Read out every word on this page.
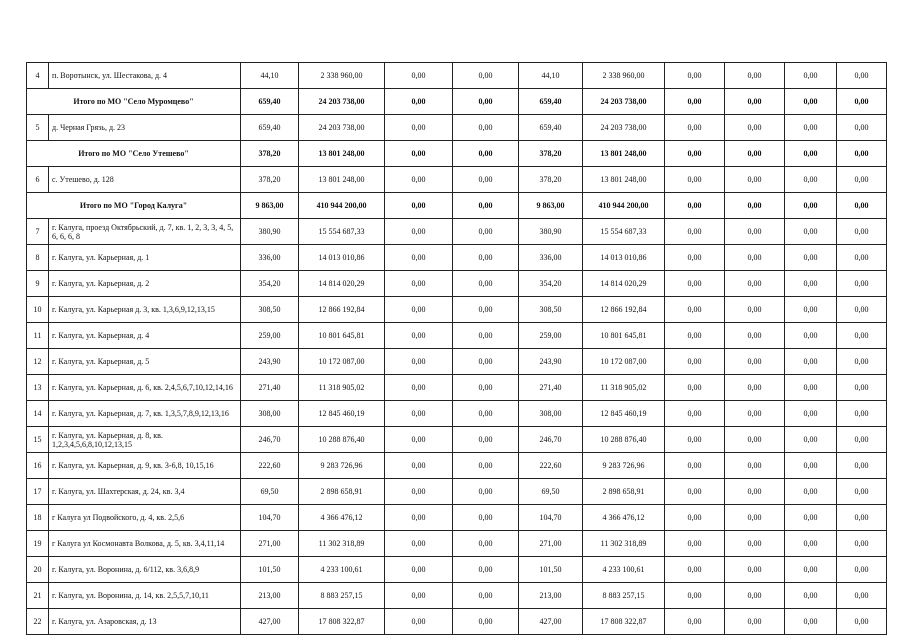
4	п. Воротынск, ул. Шестакова, д. 4	44,10	2 338 960,00	0,00	0,00	44,10	2 338 960,00	0,00	0,00	0,00	0,00
Итого по МО "Село Муромцево"		659,40	24 203 738,00	0,00	0,00	659,40	24 203 738,00	0,00	0,00	0,00	0,00
5	д. Черная Грязь, д. 23	659,40	24 203 738,00	0,00	0,00	659,40	24 203 738,00	0,00	0,00	0,00	0,00
Итого по МО "Село Утешево"		378,20	13 801 248,00	0,00	0,00	378,20	13 801 248,00	0,00	0,00	0,00	0,00
6	с. Утешево, д. 128	378,20	13 801 248,00	0,00	0,00	378,20	13 801 248,00	0,00	0,00	0,00	0,00
Итого по МО "Город Калуга"		9 863,00	410 944 200,00	0,00	0,00	9 863,00	410 944 200,00	0,00	0,00	0,00	0,00
7	г. Калуга, проезд Октябрьский, д. 7, кв. 1, 2, 3, 3, 4, 5, 6, 6, 6, 8	380,90	15 554 687,33	0,00	0,00	380,90	15 554 687,33	0,00	0,00	0,00	0,00
8	г. Калуга, ул. Карьерная, д. 1	336,00	14 013 010,86	0,00	0,00	336,00	14 013 010,86	0,00	0,00	0,00	0,00
9	г. Калуга, ул. Карьерная, д. 2	354,20	14 814 020,29	0,00	0,00	354,20	14 814 020,29	0,00	0,00	0,00	0,00
10	г. Калуга, ул. Карьерная д. 3, кв. 1,3,6,9,12,13,15	308,50	12 866 192,84	0,00	0,00	308,50	12 866 192,84	0,00	0,00	0,00	0,00
11	г. Калуга, ул. Карьерная, д. 4	259,00	10 801 645,81	0,00	0,00	259,00	10 801 645,81	0,00	0,00	0,00	0,00
12	г. Калуга, ул. Карьерная, д. 5	243,90	10 172 087,00	0,00	0,00	243,90	10 172 087,00	0,00	0,00	0,00	0,00
13	г. Калуга, ул. Карьерная, д. 6, кв. 2,4,5,6,7,10,12,14,16	271,40	11 318 905,02	0,00	0,00	271,40	11 318 905,02	0,00	0,00	0,00	0,00
14	г. Калуга, ул. Карьерная, д. 7, кв. 1,3,5,7,8,9,12,13,16	308,00	12 845 460,19	0,00	0,00	308,00	12 845 460,19	0,00	0,00	0,00	0,00
15	г. Калуга, ул. Карьерная, д. 8, кв. 1,2,3,4,5,6,8,10,12,13,15	246,70	10 288 876,40	0,00	0,00	246,70	10 288 876,40	0,00	0,00	0,00	0,00
16	г. Калуга, ул. Карьерная, д. 9, кв. 3-6,8, 10,15,16	222,60	9 283 726,96	0,00	0,00	222,60	9 283 726,96	0,00	0,00	0,00	0,00
17	г. Калуга, ул. Шахтерская, д. 24, кв. 3,4	69,50	2 898 658,91	0,00	0,00	69,50	2 898 658,91	0,00	0,00	0,00	0,00
18	г Калуга ул Подвойского, д. 4, кв. 2,5,6	104,70	4 366 476,12	0,00	0,00	104,70	4 366 476,12	0,00	0,00	0,00	0,00
19	г Калуга ул Космонавта Волкова, д. 5, кв. 3,4,11,14	271,00	11 302 318,89	0,00	0,00	271,00	11 302 318,89	0,00	0,00	0,00	0,00
20	г. Калуга, ул. Воронина, д. 6/112, кв. 3,6,8,9	101,50	4 233 100,61	0,00	0,00	101,50	4 233 100,61	0,00	0,00	0,00	0,00
21	г. Калуга, ул. Воронина, д. 14, кв. 2,5,5,7,10,11	213,00	8 883 257,15	0,00	0,00	213,00	8 883 257,15	0,00	0,00	0,00	0,00
22	г. Калуга, ул. Азаровская, д. 13	427,00	17 808 322,87	0,00	0,00	427,00	17 808 322,87	0,00	0,00	0,00	0,00
